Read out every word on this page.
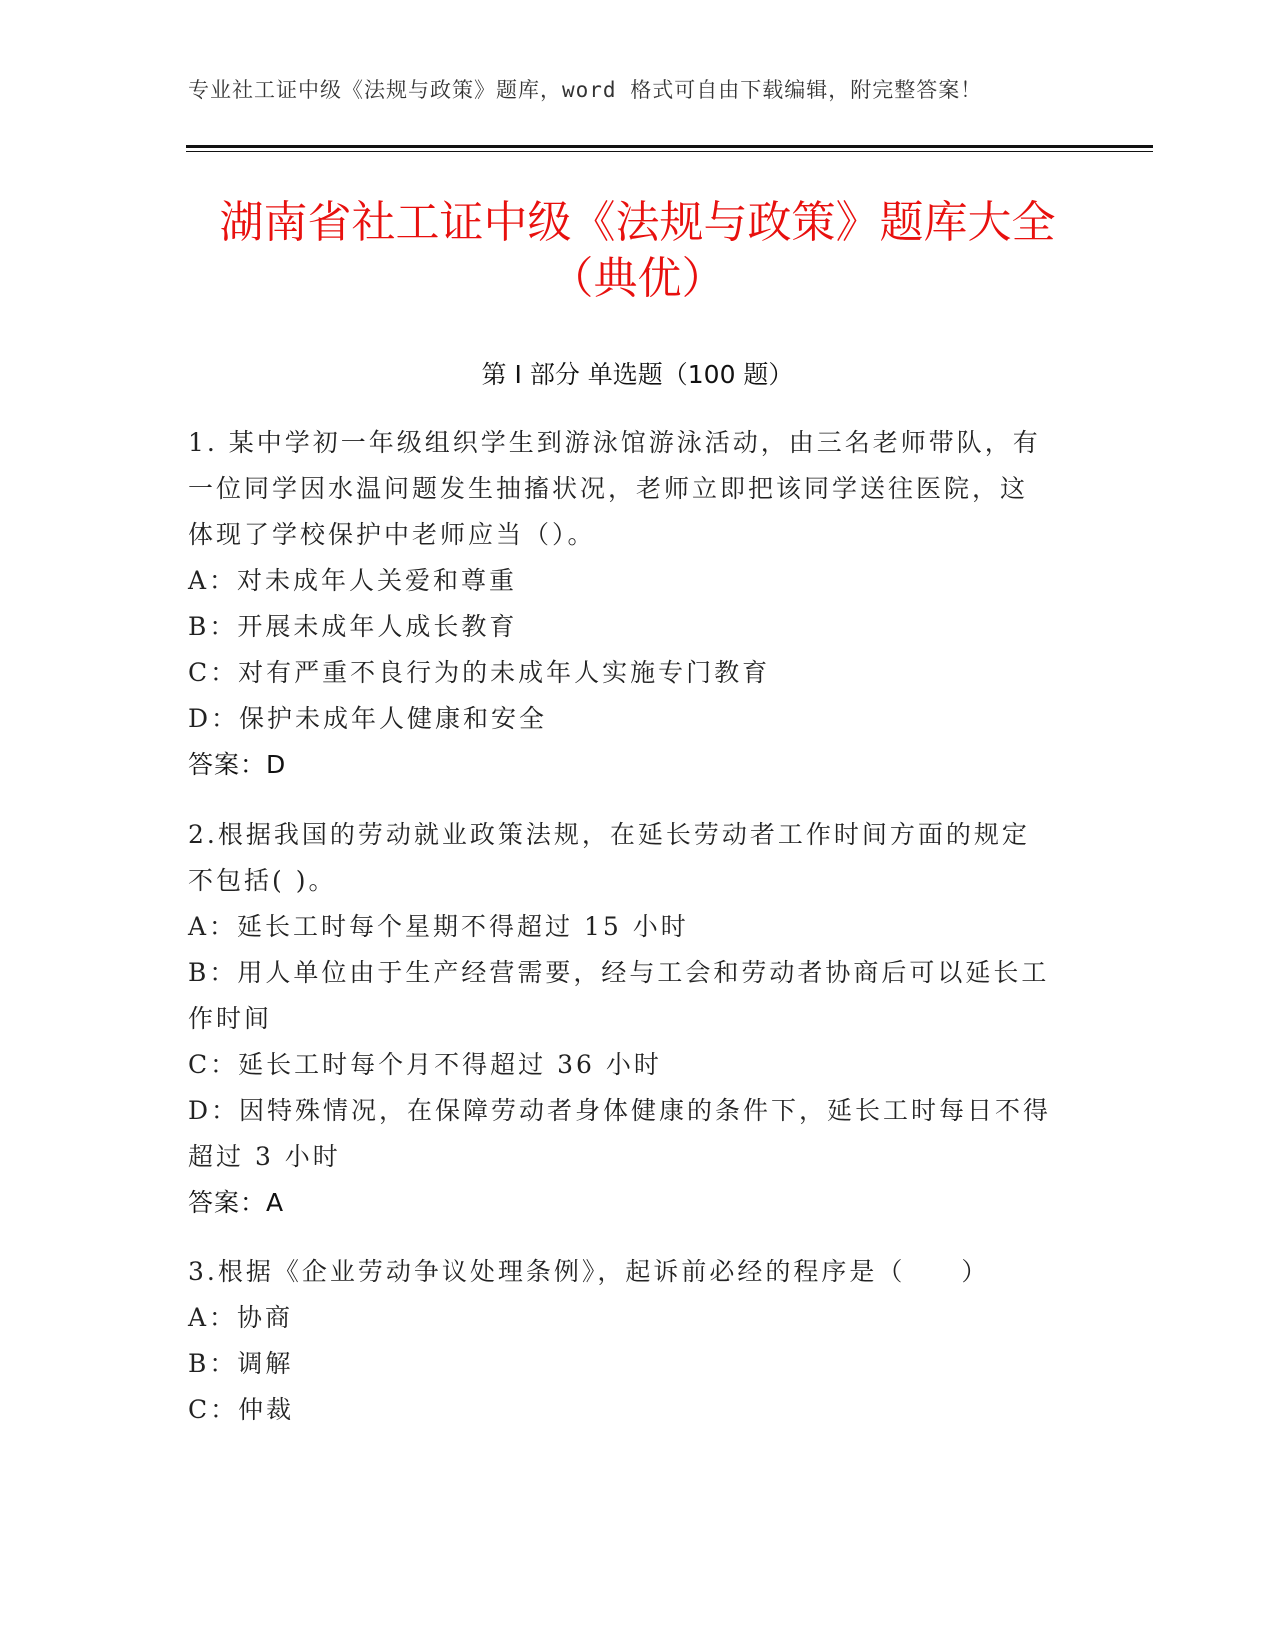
专业社工证中级《法规与政策》题库，word 格式可自由下载编辑，附完整答案！
湖南省社工证中级《法规与政策》题库大全
（典优）
第 I 部分 单选题（100 题）
1. 某中学初一年级组织学生到游泳馆游泳活动，由三名老师带队，有
一位同学因水温问题发生抽搐状况，老师立即把该同学送往医院，这
体现了学校保护中老师应当（）。
A：对未成年人关爱和尊重
B：开展未成年人成长教育
C：对有严重不良行为的未成年人实施专门教育
D：保护未成年人健康和安全
答案：D
2.根据我国的劳动就业政策法规，在延长劳动者工作时间方面的规定
不包括( )。
A：延长工时每个星期不得超过 15 小时
B：用人单位由于生产经营需要，经与工会和劳动者协商后可以延长工
作时间
C：延长工时每个月不得超过 36 小时
D：因特殊情况，在保障劳动者身体健康的条件下，延长工时每日不得
超过 3 小时
答案：A
3.根据《企业劳动争议处理条例》，起诉前必经的程序是（　　）
A：协商
B：调解
C：仲裁
